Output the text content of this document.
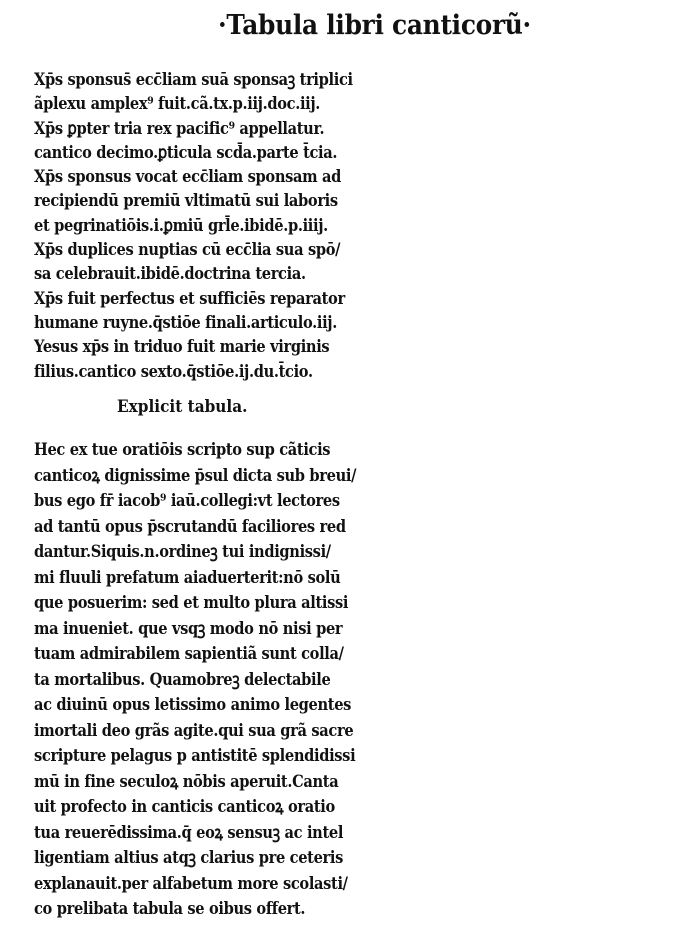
·Tabula libri canticorũ·
Xp̄s sponsus̄ ecc̄liam suā sponsaꝫ triplici
ãplexu amplex⁹ fuit.cã.tx.p.iij.doc.iij.
Xp̄s ꝑpter tria rex pacific⁹ appellatur.
cantico decimo.ꝑticula scd̄a.parte t̄cia.
Xp̄s sponsus vocat ecc̄liam sponsam ad
recipiendū premiū vltimatū sui laboris
et pegrinatiōis.i.ꝑmiū grl̄e.ibidē.p.iiij.
Xp̄s duplices nuptias cū ecc̄lia sua spō/
sa celebrauit.ibidē.doctrina tercia.
Xp̄s fuit perfectus et sufficiēs reparator
humane ruyne.q̄stiōe finali.articulo.iij.
Yesus xp̄s in triduo fuit marie virginis
filius.cantico sexto.q̄stiōe.ij.du.t̄cio.
Explicit tabula.
Hec ex tue oratiōis scripto sup cãticis
canticoꝝ dignissime p̄sul dicta sub breui/
bus ego fr̄ iacob⁹ iaū.collegi:vt lectores
ad tantū opus p̄scrutandū faciliores red
dantur.Siquis.n.ordineꝫ tui indignissi/
mi fluuli prefatum aiaduerterit:nō solū
que posuerim: sed et multo plura altissi
ma inueniet. que vsqꝫ modo nō nisi per
tuam admirabilem sapientiã sunt colla/
ta mortalibus. Quamobreꝫ delectabile
ac diuinū opus letissimo animo legentes
imortali deo grãs agite.qui sua grã sacre
scripture pelagus p antistitē splendidissi
mū in fine seculoꝝ nōbis aperuit.Canta
uit profecto in canticis canticoꝝ oratio
tua reuerēdissima.q̄ eoꝝ sensuꝫ ac intel
ligentiam altius atqꝫ clarius pre ceteris
explanauit.per alfabetum more scolasti/
co prelibata tabula se oibus offert.
